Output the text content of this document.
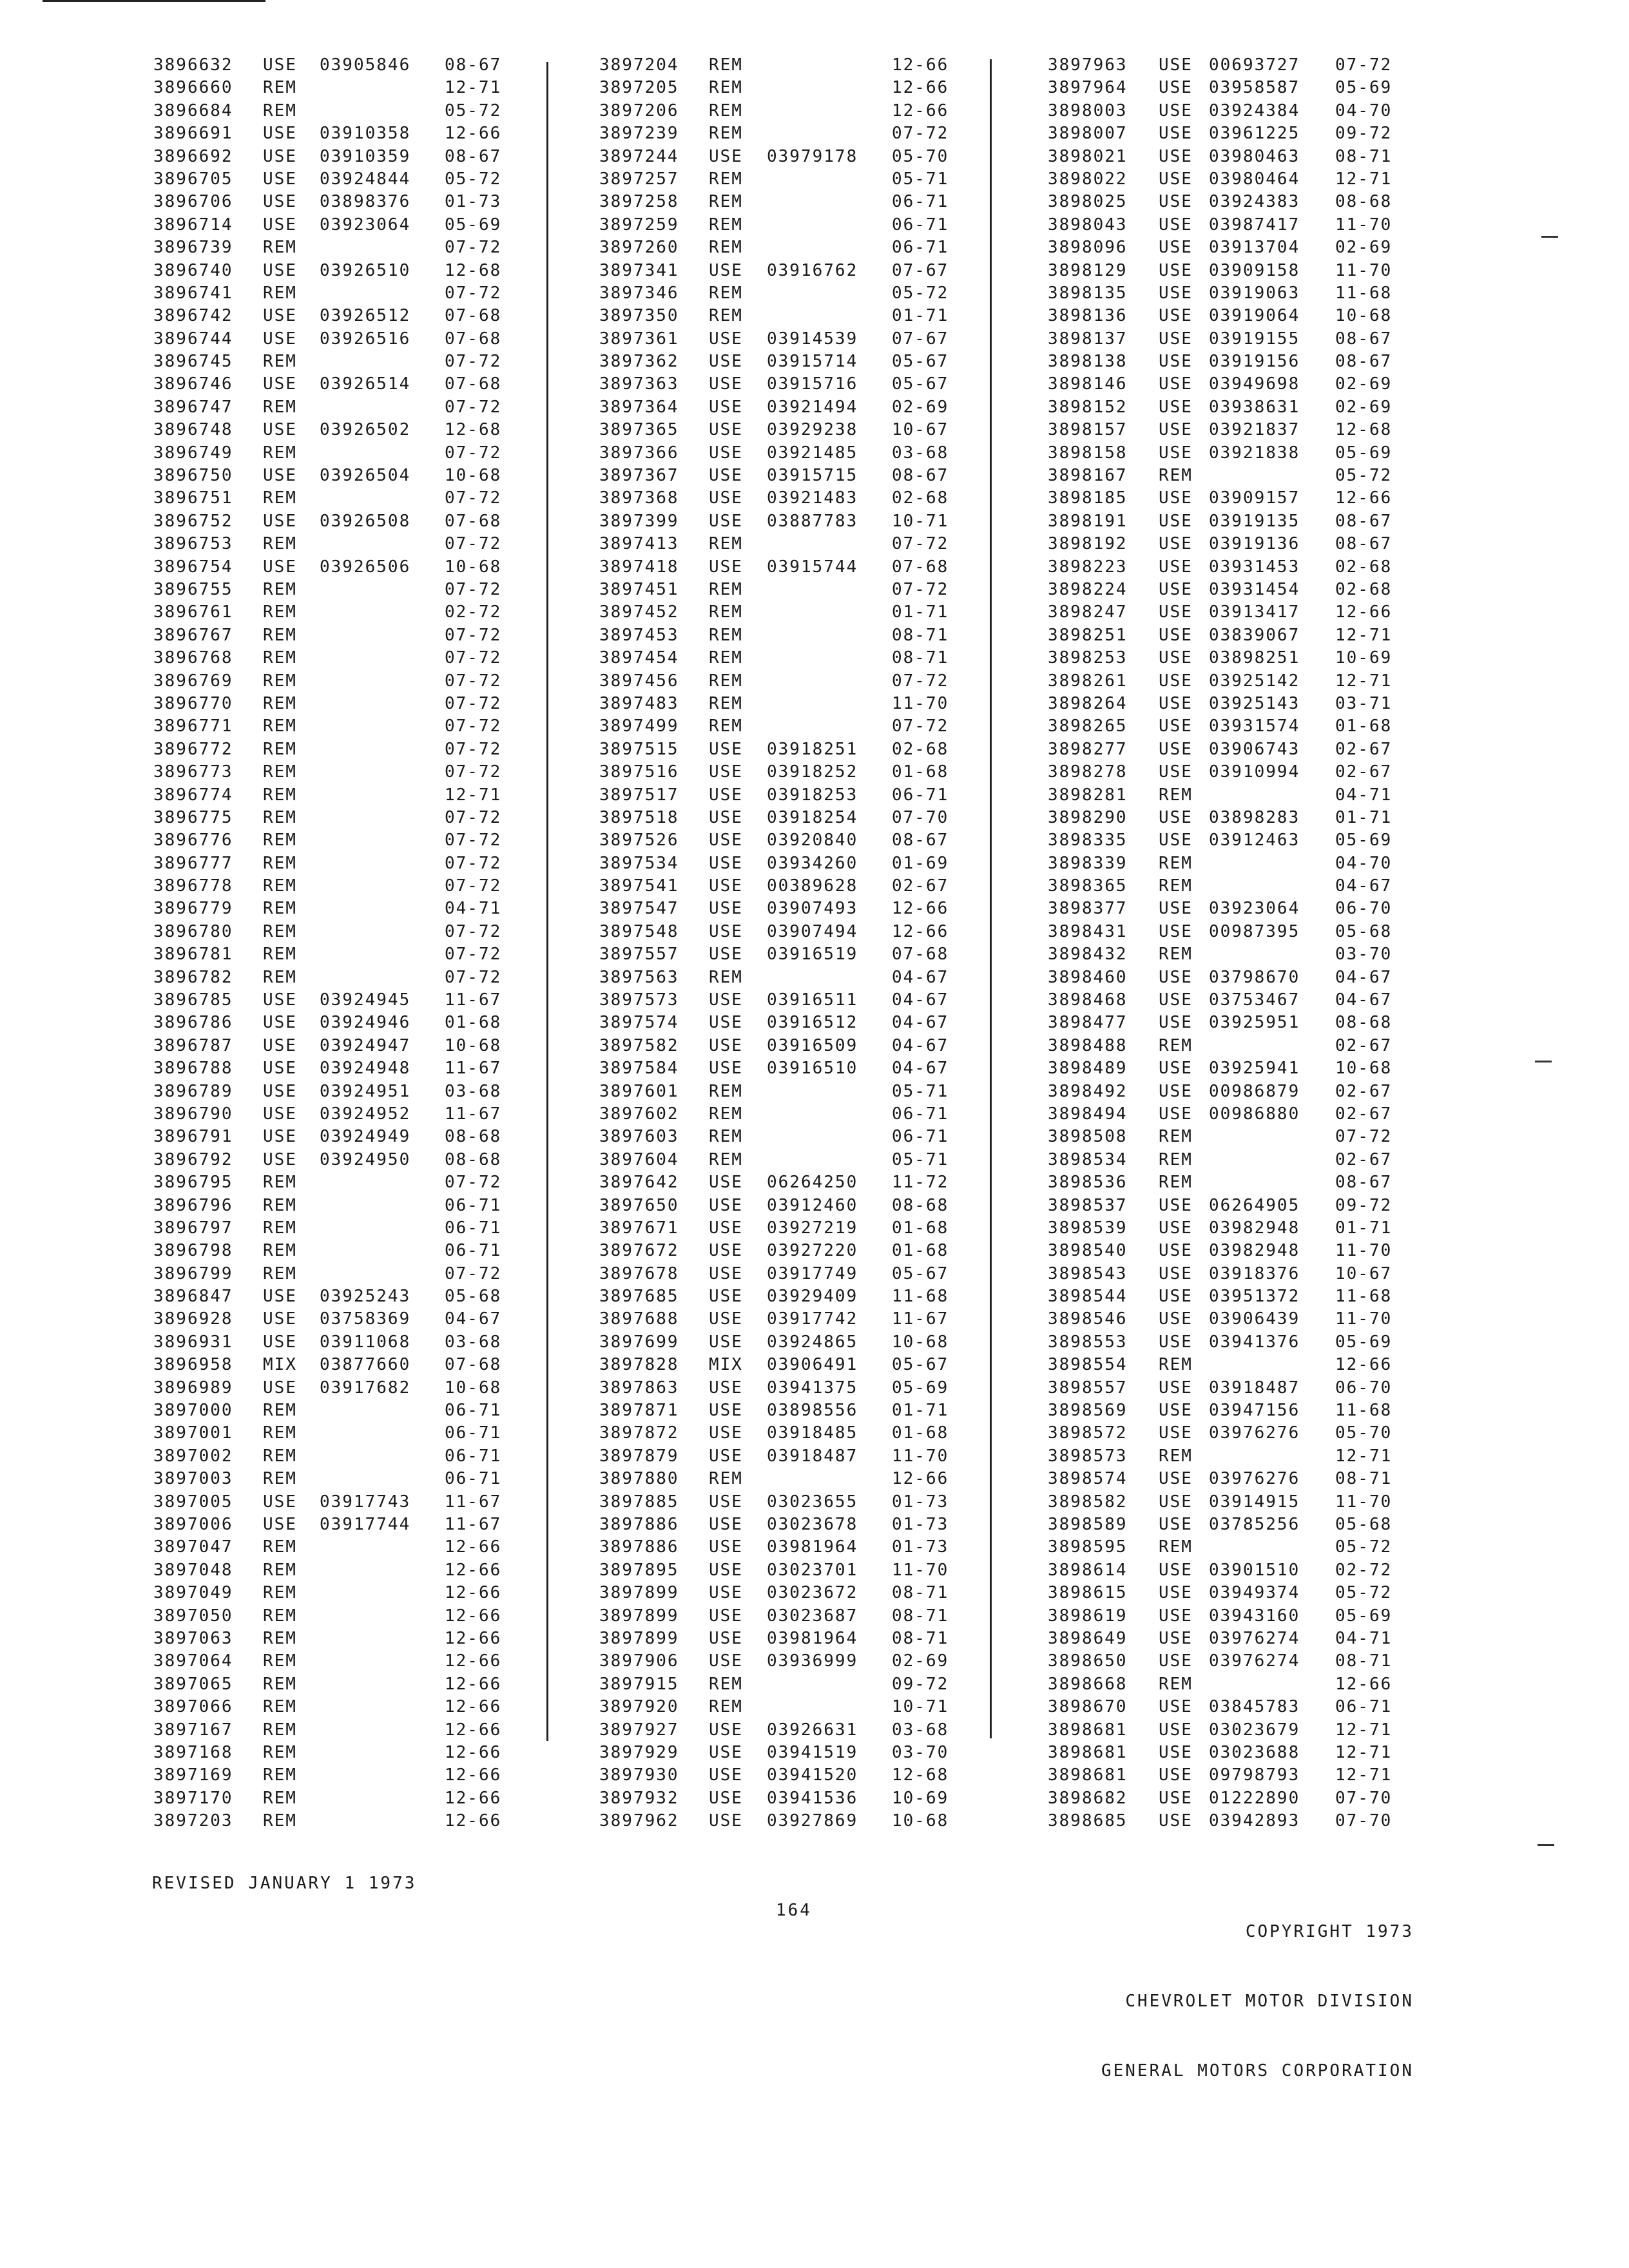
3896632 USE 03905846 08-67
3896660 REM	12-71
3896684 REM	05-72
3896691 USE 03910358 12-66
3896692 USE 03910359 08-67
3896705 USE 03924844 05-72
3896706 USE 03898376 01-73
3896714 USE 03923064 05-69
3896739 REM	07-72
3896740 USE 03926510 12-68
3896741 REM	07-72
3896742 USE 03926512 07-68
3896744 USE 03926516 07-68
3896745 REM	07-72
3896746 USE 03926514 07-68
3896747 REM	07-72
3896748 USE 03926502 12-68
3896749 REM	07-72
3896750 USE 03926504 10-68
3896751 REM	07-72
3896752 USE 03926508 07-68
3896753 REM	07-72
3896754 USE 03926506 10-68
3896755 REM	07-72
3896761 REM	02-72
3896767 REM	07-72
3896768 REM	07-72
3896769 REM	07-72
3896770 REM	07-72
3896771 REM	07-72
3896772 REM	07-72
3896773 REM	07-72
3896774 REM	12-71
3896775 REM	07-72
3896776 REM	07-72
3896777 REM	07-72
3896778 REM	07-72
3896779 REM	04-71
3896780 REM	07-72
3896781 REM	07-72
3896782 REM	07-72
3896785 USE 03924945 11-67
3896786 USE 03924946 01-68
3896787 USE 03924947 10-68
3896788 USE 03924948 11-67
3896789 USE 03924951 03-68
3896790 USE 03924952 11-67
3896791 USE 03924949 08-68
3896792 USE 03924950 08-68
3896795 REM	07-72
3896796 REM	06-71
3896797 REM	06-71
3896798 REM	06-71
3896799 REM	07-72
3896847 USE 03925243 05-68
3896928 USE 03758369 04-67
3896931 USE 03911068 03-68
3896958 MIX 03877660 07-68
3896989 USE 03917682 10-68
3897000 REM	06-71
3897001 REM	06-71
3897002 REM	06-71
3897003 REM	06-71
3897005 USE 03917743 11-67
3897006 USE 03917744 11-67
3897047 REM	12-66
3897048 REM	12-66
3897049 REM	12-66
3897050 REM	12-66
3897063 REM	12-66
3897064 REM	12-66
3897065 REM	12-66
3897066 REM	12-66
3897167 REM	12-66
3897168 REM	12-66
3897169 REM	12-66
3897170 REM	12-66
3897203 REM	12-66
3897204 REM	12-66
3897205 REM	12-66
3897206 REM	12-66
3897239 REM	07-72
3897244 USE 03979178 05-70
3897257 REM	05-71
3897258 REM	06-71
3897259 REM	06-71
3897260 REM	06-71
3897341 USE 03916762 07-67
3897346 REM	05-72
3897350 REM	01-71
3897361 USE 03914539 07-67
3897362 USE 03915714 05-67
3897363 USE 03915716 05-67
3897364 USE 03921494 02-69
3897365 USE 03929238 10-67
3897366 USE 03921485 03-68
3897367 USE 03915715 08-67
3897368 USE 03921483 02-68
3897399 USE 03887783 10-71
3897413 REM	07-72
3897418 USE 03915744 07-68
3897451 REM	07-72
3897452 REM	01-71
3897453 REM	08-71
3897454 REM	08-71
3897456 REM	07-72
3897483 REM	11-70
3897499 REM	07-72
3897515 USE 03918251 02-68
3897516 USE 03918252 01-68
3897517 USE 03918253 06-71
3897518 USE 03918254 07-70
3897526 USE 03920840 08-67
3897534 USE 03934260 01-69
3897541 USE 00389628 02-67
3897547 USE 03907493 12-66
3897548 USE 03907494 12-66
3897557 USE 03916519 07-68
3897563 REM	04-67
3897573 USE 03916511 04-67
3897574 USE 03916512 04-67
3897582 USE 03916509 04-67
3897584 USE 03916510 04-67
3897601 REM	05-71
3897602 REM	06-71
3897603 REM	06-71
3897604 REM	05-71
3897642 USE 06264250 11-72
3897650 USE 03912460 08-68
3897671 USE 03927219 01-68
3897672 USE 03927220 01-68
3897678 USE 03917749 05-67
3897685 USE 03929409 11-68
3897688 USE 03917742 11-67
3897699 USE 03924865 10-68
3897828 MIX 03906491 05-67
3897863 USE 03941375 05-69
3897871 USE 03898556 01-71
3897872 USE 03918485 01-68
3897879 USE 03918487 11-70
3897880 REM	12-66
3897885 USE 03023655 01-73
3897886 USE 03023678 01-73
3897886 USE 03981964 01-73
3897895 USE 03023701 11-70
3897899 USE 03023672 08-71
3897899 USE 03023687 08-71
3897899 USE 03981964 08-71
3897906 USE 03936999 02-69
3897915 REM	09-72
3897920 REM	10-71
3897927 USE 03926631 03-68
3897929 USE 03941519 03-70
3897930 USE 03941520 12-68
3897932 USE 03941536 10-69
3897962 USE 03927869 10-68
3897963 USE 00693727 07-72
3897964 USE 03958587 05-69
3898003 USE 03924384 04-70
3898007 USE 03961225 09-72
3898021 USE 03980463 08-71
3898022 USE 03980464 12-71
3898025 USE 03924383 08-68
3898043 USE 03987417 11-70
3898096 USE 03913704 02-69
3898129 USE 03909158 11-70
3898135 USE 03919063 11-68
3898136 USE 03919064 10-68
3898137 USE 03919155 08-67
3898138 USE 03919156 08-67
3898146 USE 03949698 02-69
3898152 USE 03938631 02-69
3898157 USE 03921837 12-68
3898158 USE 03921838 05-69
3898167 REM	05-72
3898185 USE 03909157 12-66
3898191 USE 03919135 08-67
3898192 USE 03919136 08-67
3898223 USE 03931453 02-68
3898224 USE 03931454 02-68
3898247 USE 03913417 12-66
3898251 USE 03839067 12-71
3898253 USE 03898251 10-69
3898261 USE 03925142 12-71
3898264 USE 03925143 03-71
3898265 USE 03931574 01-68
3898277 USE 03906743 02-67
3898278 USE 03910994 02-67
3898281 REM	04-71
3898290 USE 03898283 01-71
3898335 USE 03912463 05-69
3898339 REM	04-70
3898365 REM	04-67
3898377 USE 03923064 06-70
3898431 USE 00987395 05-68
3898432 REM	03-70
3898460 USE 03798670 04-67
3898468 USE 03753467 04-67
3898477 USE 03925951 08-68
3898488 REM	02-67
3898489 USE 03925941 10-68
3898492 USE 00986879 02-67
3898494 USE 00986880 02-67
3898508 REM	07-72
3898534 REM	02-67
3898536 REM	08-67
3898537 USE 06264905 09-72
3898539 USE 03982948 01-71
3898540 USE 03982948 11-70
3898543 USE 03918376 10-67
3898544 USE 03951372 11-68
3898546 USE 03906439 11-70
3898553 USE 03941376 05-69
3898554 REM	12-66
3898557 USE 03918487 06-70
3898569 USE 03947156 11-68
3898572 USE 03976276 05-70
3898573 REM	12-71
3898574 USE 03976276 08-71
3898582 USE 03914915 11-70
3898589 USE 03785256 05-68
3898595 REM	05-72
3898614 USE 03901510 02-72
3898615 USE 03949374 05-72
3898619 USE 03943160 05-69
3898649 USE 03976274 04-71
3898650 USE 03976274 08-71
3898668 REM	12-66
3898670 USE 03845783 06-71
3898681 USE 03023679 12-71
3898681 USE 03023688 12-71
3898681 USE 09798793 12-71
3898682 USE 01222890 07-70
3898685 USE 03942893 07-70
REVISED JANUARY 1 1973
164

COPYRIGHT 1973

CHEVROLET MOTOR DIVISION

GENERAL MOTORS CORPORATION
